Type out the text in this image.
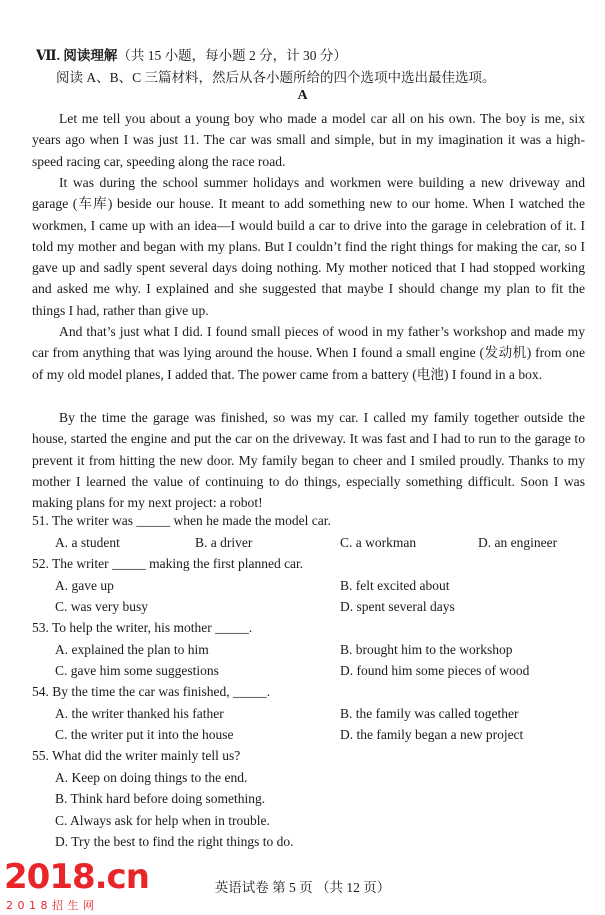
Ⅶ. 阅读理解（共 15 小题，每小题 2 分，计 30 分）
阅读 A、B、C 三篇材料，然后从各小题所给的四个选项中选出最佳选项。
A
Let me tell you about a young boy who made a model car all on his own. The boy is me, six years ago when I was just 11. The car was small and simple, but in my imagination it was a high-speed racing car, speeding along the race road.
It was during the school summer holidays and workmen were building a new driveway and garage (车库) beside our house. It meant to add something new to our home. When I watched the workmen, I came up with an idea—I would build a car to drive into the garage in celebration of it. I told my mother and began with my plans. But I couldn’t find the right things for making the car, so I gave up and sadly spent several days doing nothing. My mother noticed that I had stopped working and asked me why. I explained and she suggested that maybe I should change my plan to fit the things I had, rather than give up.
And that’s just what I did. I found small pieces of wood in my father’s workshop and made my car from anything that was lying around the house. When I found a small engine (发动机) from one of my old model planes, I added that. The power came from a battery (电池) I found in a box.
By the time the garage was finished, so was my car. I called my family together outside the house, started the engine and put the car on the driveway. It was fast and I had to run to the garage to prevent it from hitting the new door. My family began to cheer and I smiled proudly. Thanks to my mother I learned the value of continuing to do things, especially something difficult. Soon I was making plans for my next project: a robot!
51. The writer was _____ when he made the model car.
A. a student	B. a driver	C. a workman	D. an engineer
52. The writer _____ making the first planned car.
A. gave up	B. felt excited about
C. was very busy	D. spent several days
53. To help the writer, his mother _____.
A. explained the plan to him	B. brought him to the workshop
C. gave him some suggestions	D. found him some pieces of wood
54. By the time the car was finished, _____.
A. the writer thanked his father	B. the family was called together
C. the writer put it into the house	D. the family began a new project
55. What did the writer mainly tell us?
A. Keep on doing things to the end.
B. Think hard before doing something.
C. Always ask for help when in trouble.
D. Try the best to find the right things to do.
英语试卷 第 5 页 （共 12 页）
2018.cn
2018招生网
